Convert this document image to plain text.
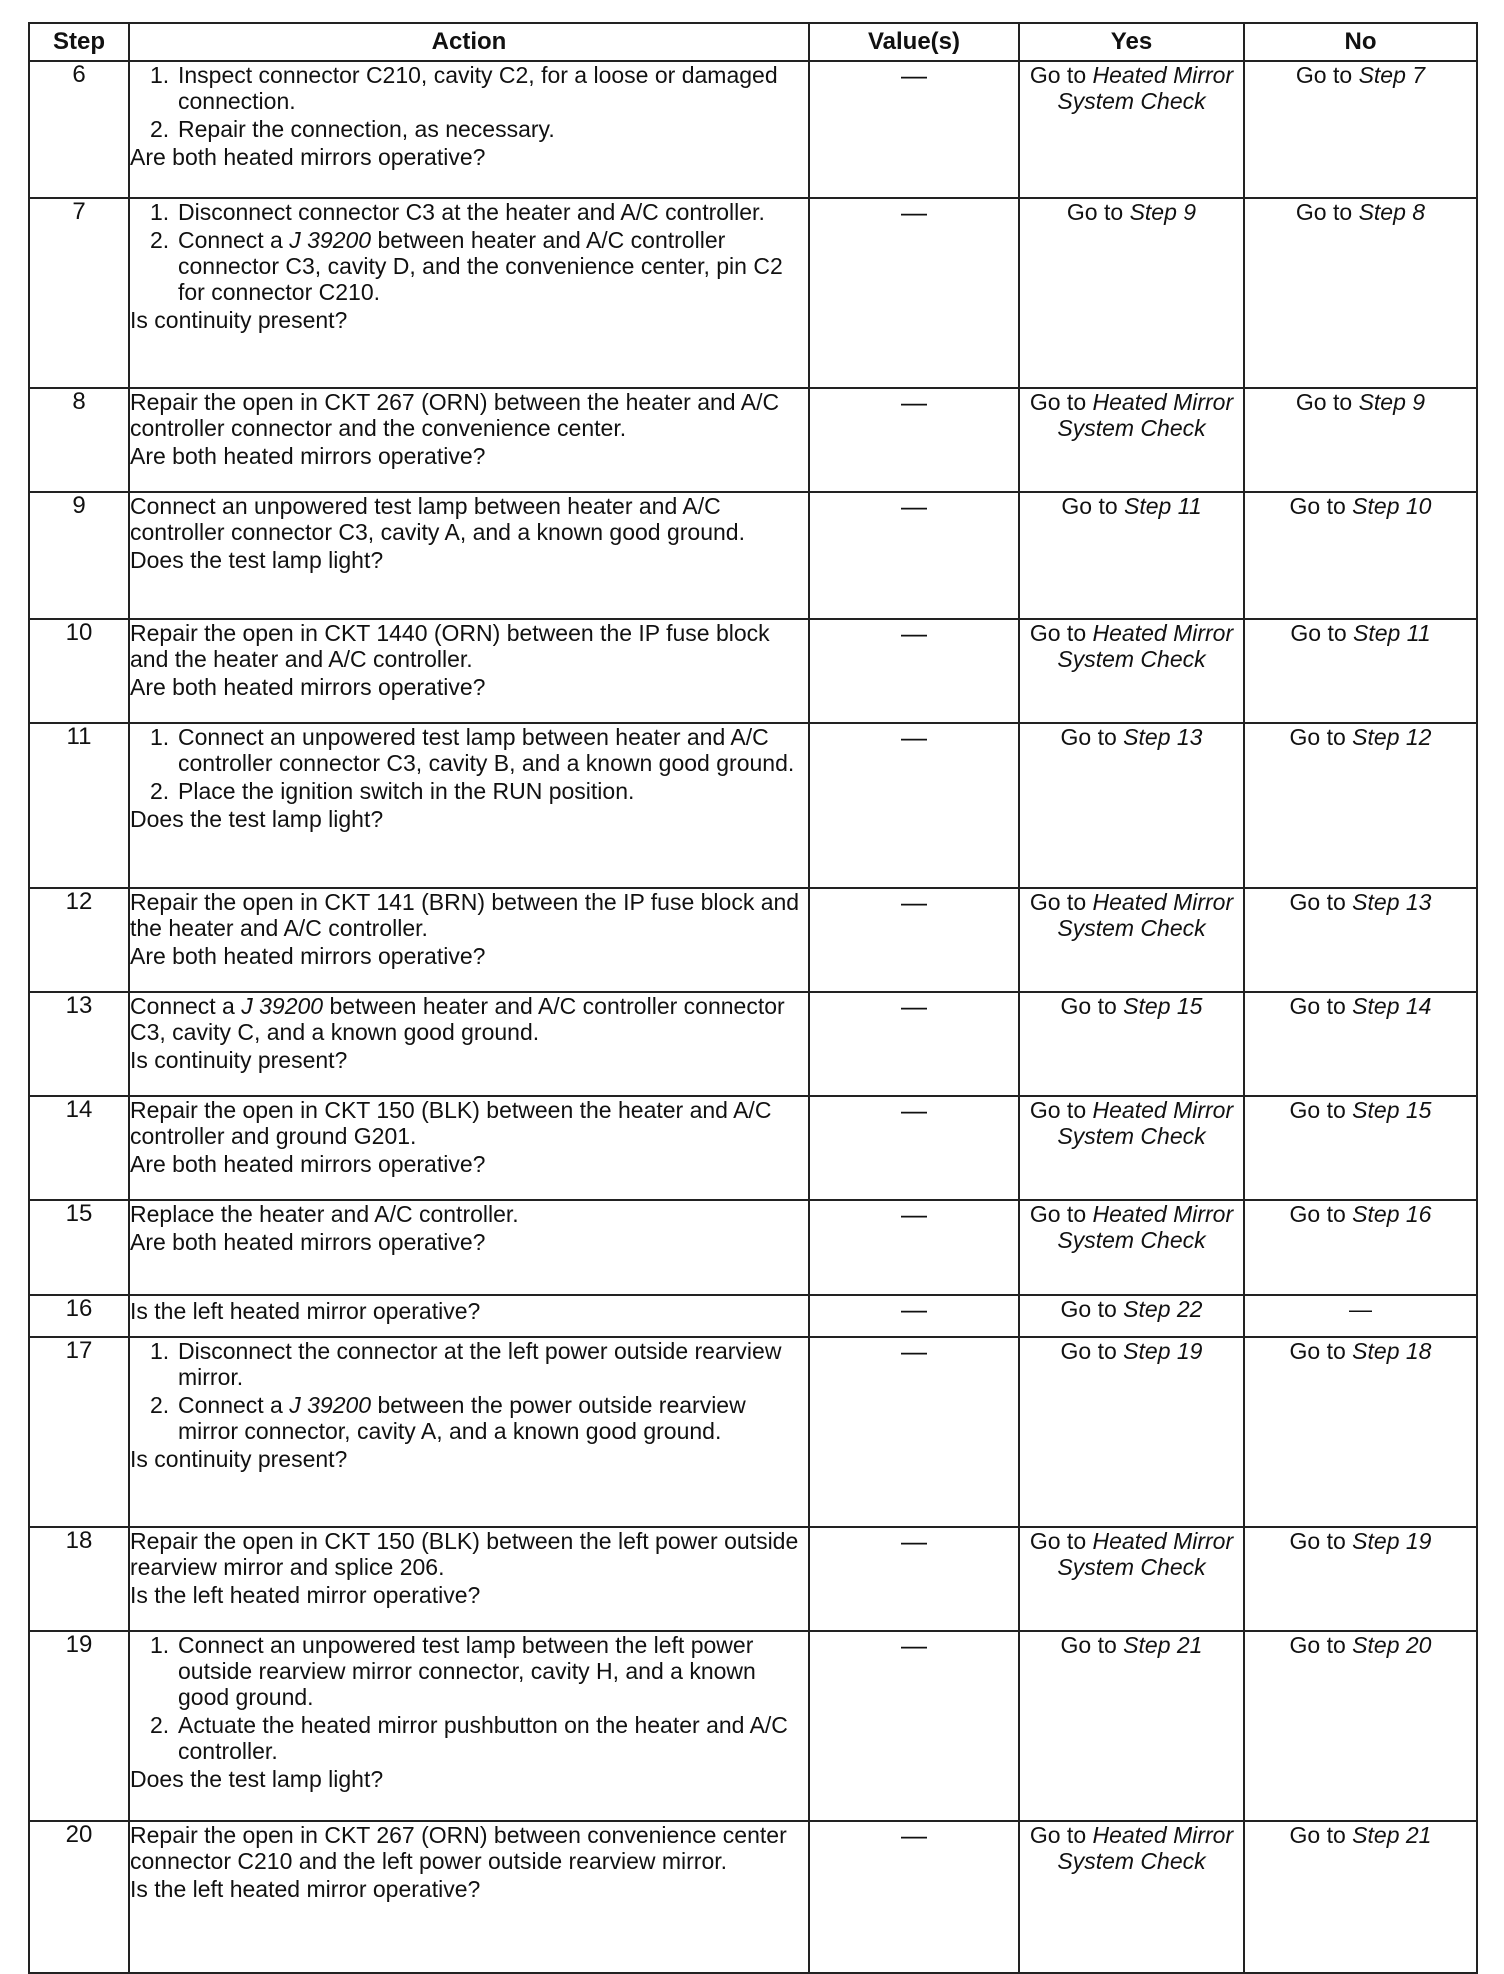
Step	Action	Value(s)	Yes	No
6	1. Inspect connector C210, cavity C2, for a loose or damaged connection.
2. Repair the connection, as necessary.
Are both heated mirrors operative?	—	Go to Heated Mirror System Check	Go to Step 7

7	1. Disconnect connector C3 at the heater and A/C controller.
2. Connect a J 39200 between heater and A/C controller connector C3, cavity D, and the convenience center, pin C2 for connector C210.
Is continuity present?	—	Go to Step 9	Go to Step 8

8	Repair the open in CKT 267 (ORN) between the heater and A/C controller connector and the convenience center.
Are both heated mirrors operative?	—	Go to Heated Mirror System Check	Go to Step 9

9	Connect an unpowered test lamp between heater and A/C controller connector C3, cavity A, and a known good ground.
Does the test lamp light?	—	Go to Step 11	Go to Step 10

10	Repair the open in CKT 1440 (ORN) between the IP fuse block and the heater and A/C controller.
Are both heated mirrors operative?	—	Go to Heated Mirror System Check	Go to Step 11

11	1. Connect an unpowered test lamp between heater and A/C controller connector C3, cavity B, and a known good ground.
2. Place the ignition switch in the RUN position.
Does the test lamp light?	—	Go to Step 13	Go to Step 12

12	Repair the open in CKT 141 (BRN) between the IP fuse block and the heater and A/C controller.
Are both heated mirrors operative?	—	Go to Heated Mirror System Check	Go to Step 13

13	Connect a J 39200 between heater and A/C controller connector C3, cavity C, and a known good ground.
Is continuity present?	—	Go to Step 15	Go to Step 14

14	Repair the open in CKT 150 (BLK) between the heater and A/C controller and ground G201.
Are both heated mirrors operative?	—	Go to Heated Mirror System Check	Go to Step 15

15	Replace the heater and A/C controller.
Are both heated mirrors operative?	—	Go to Heated Mirror System Check	Go to Step 16

16	Is the left heated mirror operative?	—	Go to Step 22	—

17	1. Disconnect the connector at the left power outside rearview mirror.
2. Connect a J 39200 between the power outside rearview mirror connector, cavity A, and a known good ground.
Is continuity present?	—	Go to Step 19	Go to Step 18

18	Repair the open in CKT 150 (BLK) between the left power outside rearview mirror and splice 206.
Is the left heated mirror operative?	—	Go to Heated Mirror System Check	Go to Step 19

19	1. Connect an unpowered test lamp between the left power outside rearview mirror connector, cavity H, and a known good ground.
2. Actuate the heated mirror pushbutton on the heater and A/C controller.
Does the test lamp light?	—	Go to Step 21	Go to Step 20

20	Repair the open in CKT 267 (ORN) between convenience center connector C210 and the left power outside rearview mirror.
Is the left heated mirror operative?	—	Go to Heated Mirror System Check	Go to Step 21
